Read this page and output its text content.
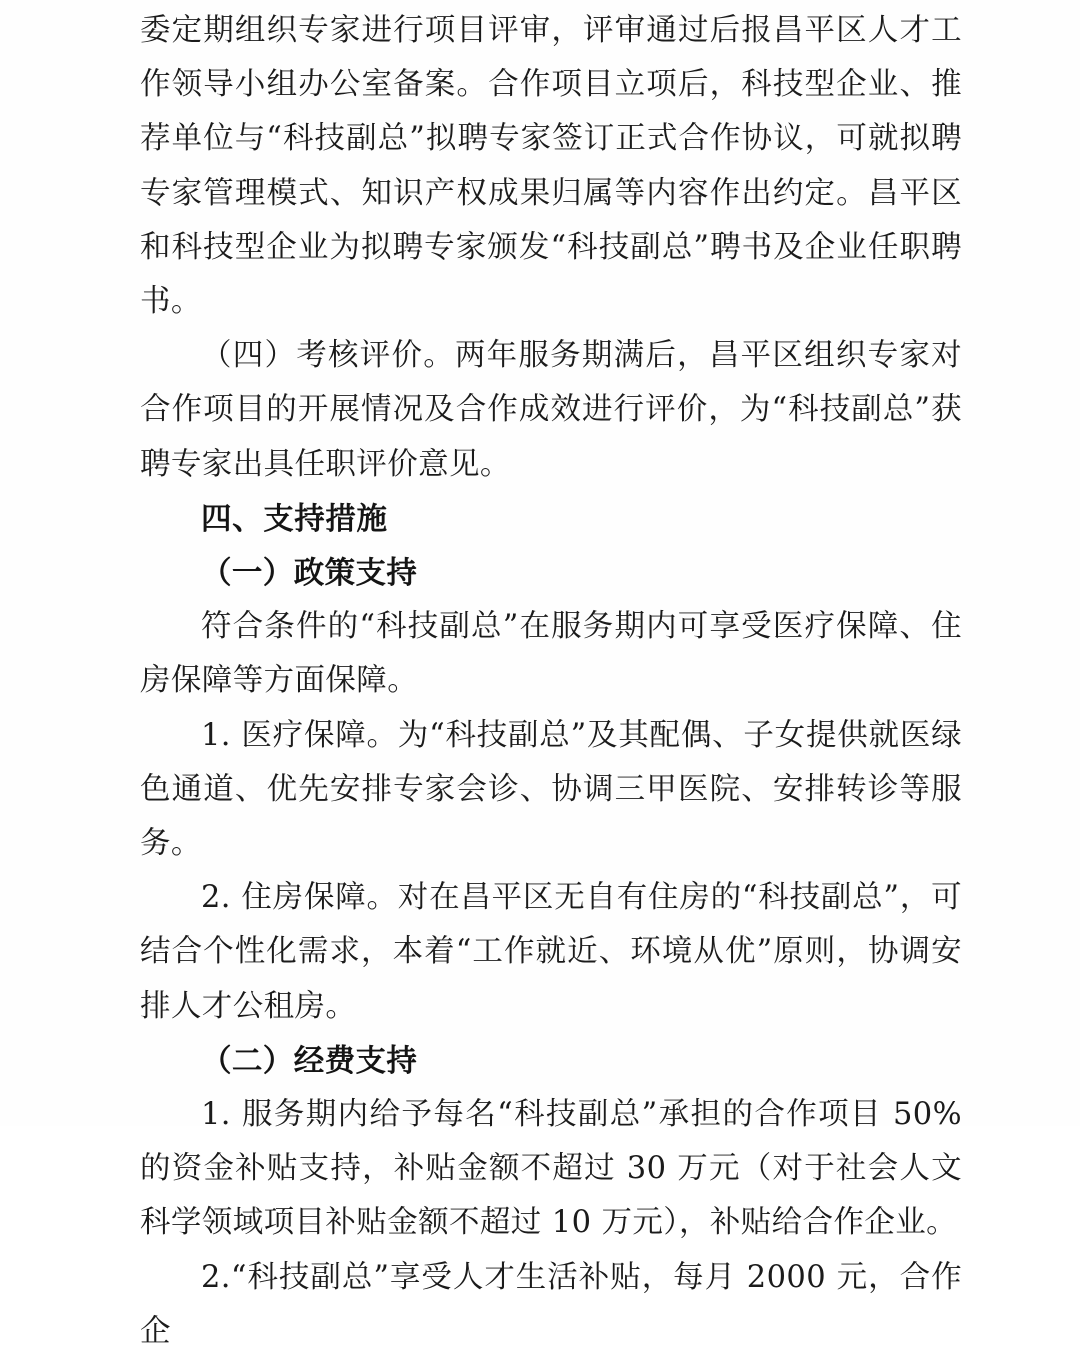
委定期组织专家进行项目评审，评审通过后报昌平区人才工作领导小组办公室备案。合作项目立项后，科技型企业、推荐单位与“科技副总”拟聘专家签订正式合作协议，可就拟聘专家管理模式、知识产权成果归属等内容作出约定。昌平区和科技型企业为拟聘专家颁发“科技副总”聘书及企业任职聘书。

（四）考核评价。两年服务期满后，昌平区组织专家对合作项目的开展情况及合作成效进行评价，为“科技副总”获聘专家出具任职评价意见。

四、支持措施

（一）政策支持

符合条件的“科技副总”在服务期内可享受医疗保障、住房保障等方面保障。

1. 医疗保障。为“科技副总”及其配偶、子女提供就医绿色通道、优先安排专家会诊、协调三甲医院、安排转诊等服务。

2. 住房保障。对在昌平区无自有住房的“科技副总”，可结合个性化需求，本着“工作就近、环境从优”原则，协调安排人才公租房。

（二）经费支持

1. 服务期内给予每名“科技副总”承担的合作项目 50%的资金补贴支持，补贴金额不超过 30 万元（对于社会人文科学领域项目补贴金额不超过 10 万元），补贴给合作企业。

2.“科技副总”享受人才生活补贴，每月 2000 元，合作企
